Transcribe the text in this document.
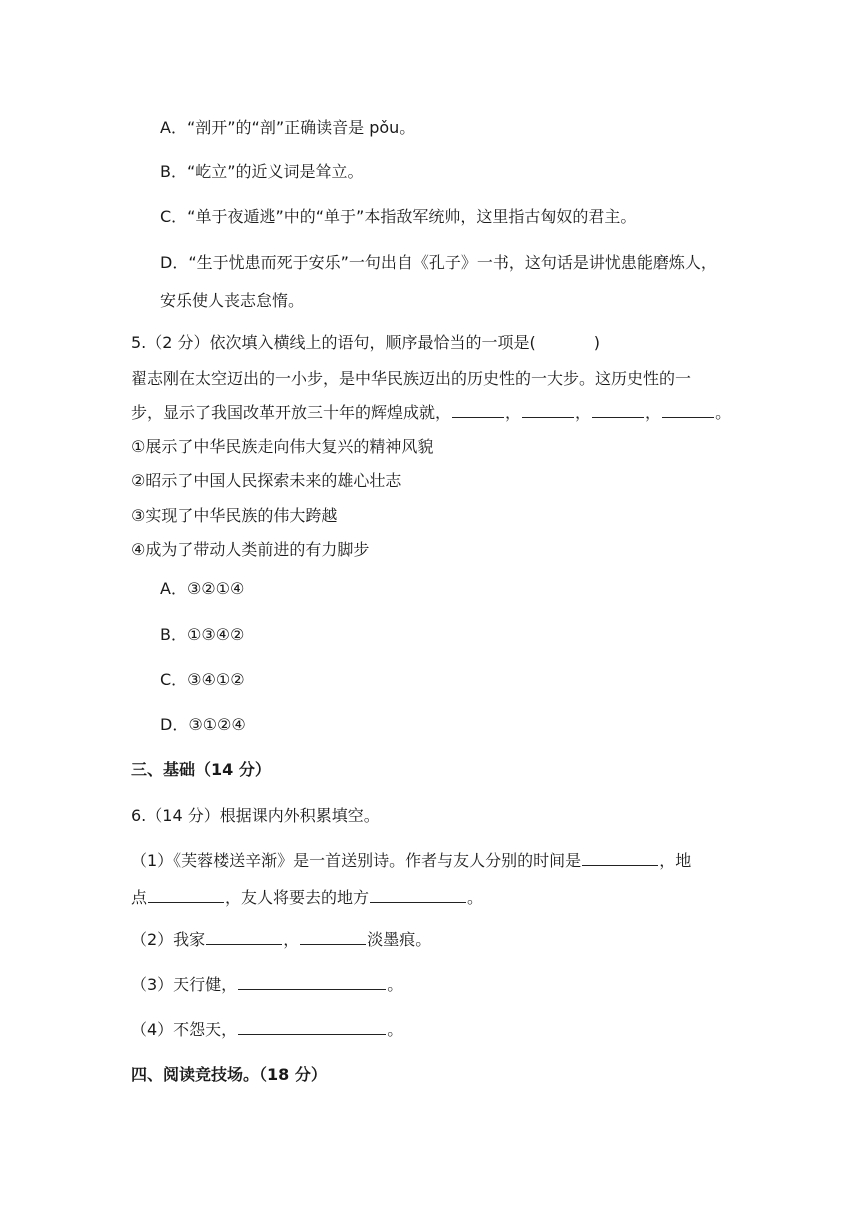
A．“剖开”的“剖”正确读音是 pǒu。
B．“屹立”的近义词是耸立。
C．“单于夜遁逃”中的“单于”本指敌军统帅，这里指古匈奴的君主。
D．“生于忧患而死于安乐”一句出自《孔子》一书，这句话是讲忧患能磨炼人，
安乐使人丧志怠惰。
5.（2 分）依次填入横线上的语句，顺序最恰当的一项是(	)
翟志刚在太空迈出的一小步，是中华民族迈出的历史性的一大步。这历史性的一
步，显示了我国改革开放三十年的辉煌成就，	，	，	，	。
①展示了中华民族走向伟大复兴的精神风貌
②昭示了中国人民探索未来的雄心壮志
③实现了中华民族的伟大跨越
④成为了带动人类前进的有力脚步
A．③②①④
B．①③④②
C．③④①②
D．③①②④
三、基础（14 分）
6.（14 分）根据课内外积累填空。
（1）《芙蓉楼送辛渐》是一首送别诗。作者与友人分别的时间是	，地
点	，友人将要去的地方	。
（2）我家	，	淡墨痕。
（3）天行健，	。
（4）不怨天，	。
四、阅读竞技场。（18 分）
